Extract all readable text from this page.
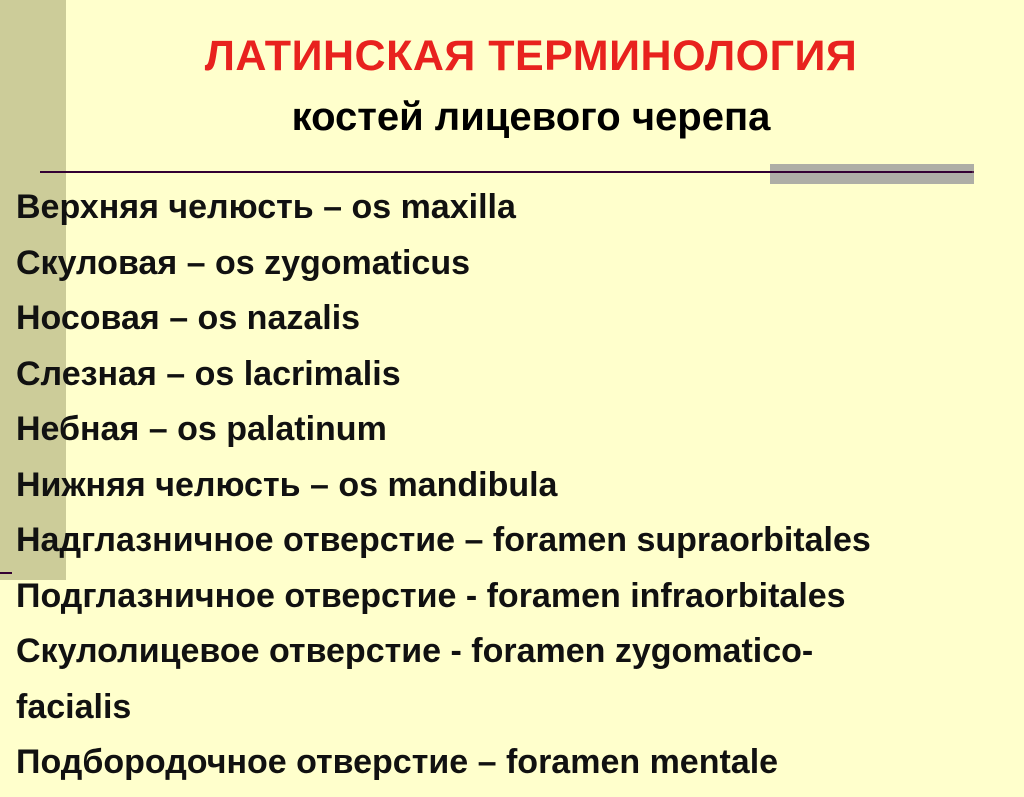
ЛАТИНСКАЯ ТЕРМИНОЛОГИЯ
костей лицевого черепа
Верхняя челюсть – os maxilla
Скуловая – os zygomaticus
Носовая – os nazalis
Слезная – os lacrimalis
Небная – os palatinum
Нижняя челюсть – os mandibula
Надглазничное отверстие – foramen supraorbitales
Подглазничное отверстие - foramen infraorbitales
Скулолицевое отверстие - foramen zygomatico-
facialis
Подбородочное отверстие – foramen mentale
